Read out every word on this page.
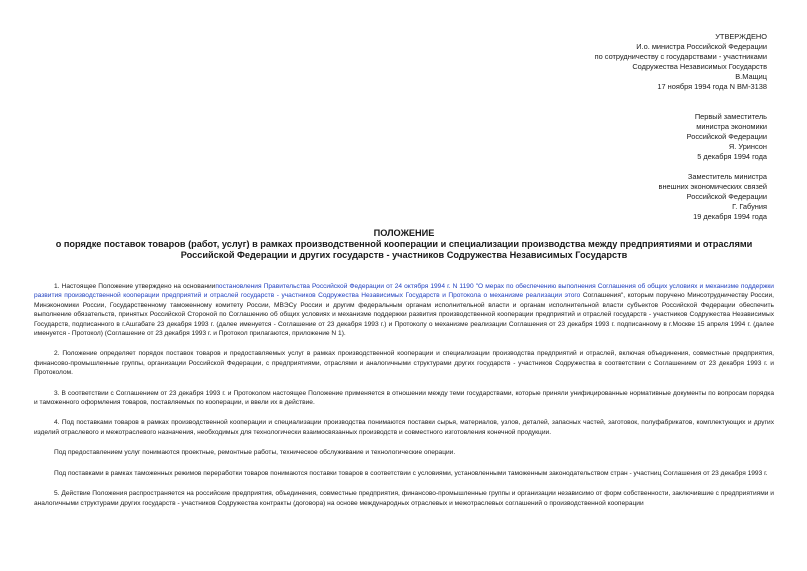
УТВЕРЖДЕНО
И.о. министра Российской Федерации
по сотрудничеству с государствами - участниками
Содружества Независимых Государств
В.Мащиц
17 ноября 1994 года N ВМ-3138
Первый заместитель
министра экономики
Российской Федерации
Я. Уринсон
5 декабря 1994 года
Заместитель министра
внешних экономических связей
Российской Федерации
Г. Габуния
19 декабря 1994 года
ПОЛОЖЕНИЕ
о порядке поставок товаров (работ, услуг) в рамках производственной кооперации и специализации производства между предприятиями и отраслями Российской Федерации и других государств - участников Содружества Независимых Государств

1. Настоящее Положение утверждено на основаниипостановления Правительства Российской Федерации от 24 октября 1994 г. N 1190 "О мерах по обеспечению выполнения Соглашения об общих условиях и механизме поддержки развития производственной кооперации предприятий и отраслей государств - участников Содружества Независимых Государств и Протокола о механизме реализации этого Соглашения", которым поручено Минсотрудничеству России, Минэкономики России, Государственному таможенному комитету России, МВЭСу России и другим федеральным органам исполнительной власти и органам исполнительной власти субъектов Российской Федерации обеспечить выполнение обязательств, принятых Российской Стороной по Соглашению об общих условиях и механизме поддержки развития производственной кооперации предприятий и отраслей государств - участников Содружества Независимых Государств, подписанного в г.Ашгабате 23 декабря 1993 г. (далее именуется - Соглашение от 23 декабря 1993 г.) и Протоколу о механизме реализации Соглашения от 23 декабря 1993 г. подписанному в г.Москве 15 апреля 1994 г. (далее именуется - Протокол) (Соглашение от 23 декабря 1993 г. и Протокол прилагаются, приложение N 1).

2. Положение определяет порядок поставок товаров и предоставляемых услуг в рамках производственной кооперации и специализации производства предприятий и отраслей, включая объединения, совместные предприятия, финансово-промышленные группы, организации Российской Федерации, с предприятиями, отраслями и аналогичными структурами других государств - участников Содружества в соответствии с Соглашением от 23 декабря 1993 г. и Протоколом.

3. В соответствии с Соглашением от 23 декабря 1993 г. и Протоколом настоящее Положение применяется в отношении между теми государствами, которые приняли унифицированные нормативные документы по вопросам порядка и таможенного оформления товаров, поставляемых по кооперации, и ввели их в действие.

4. Под поставками товаров в рамках производственной кооперации и специализации производства понимаются поставки сырья, материалов, узлов, деталей, запасных частей, заготовок, полуфабрикатов, комплектующих и других изделий отраслевого и межотраслевого назначения, необходимых для технологически взаимосвязанных производств и совместного изготовления конечной продукции.

Под предоставлением услуг понимаются проектные, ремонтные работы, техническое обслуживание и технологические операции.

Под поставками в рамках таможенных режимов переработки товаров понимаются поставки товаров в соответствии с условиями, установленными таможенным законодательством стран - участниц Соглашения от 23 декабря 1993 г.

5. Действие Положения распространяется на российские предприятия, объединения, совместные предприятия, финансово-промышленные группы и организации независимо от форм собственности, заключившие с предприятиями и аналогичными структурами других государств - участников Содружества контракты (договора) на основе международных отраслевых и межотраслевых соглашений о производственной кооперации
